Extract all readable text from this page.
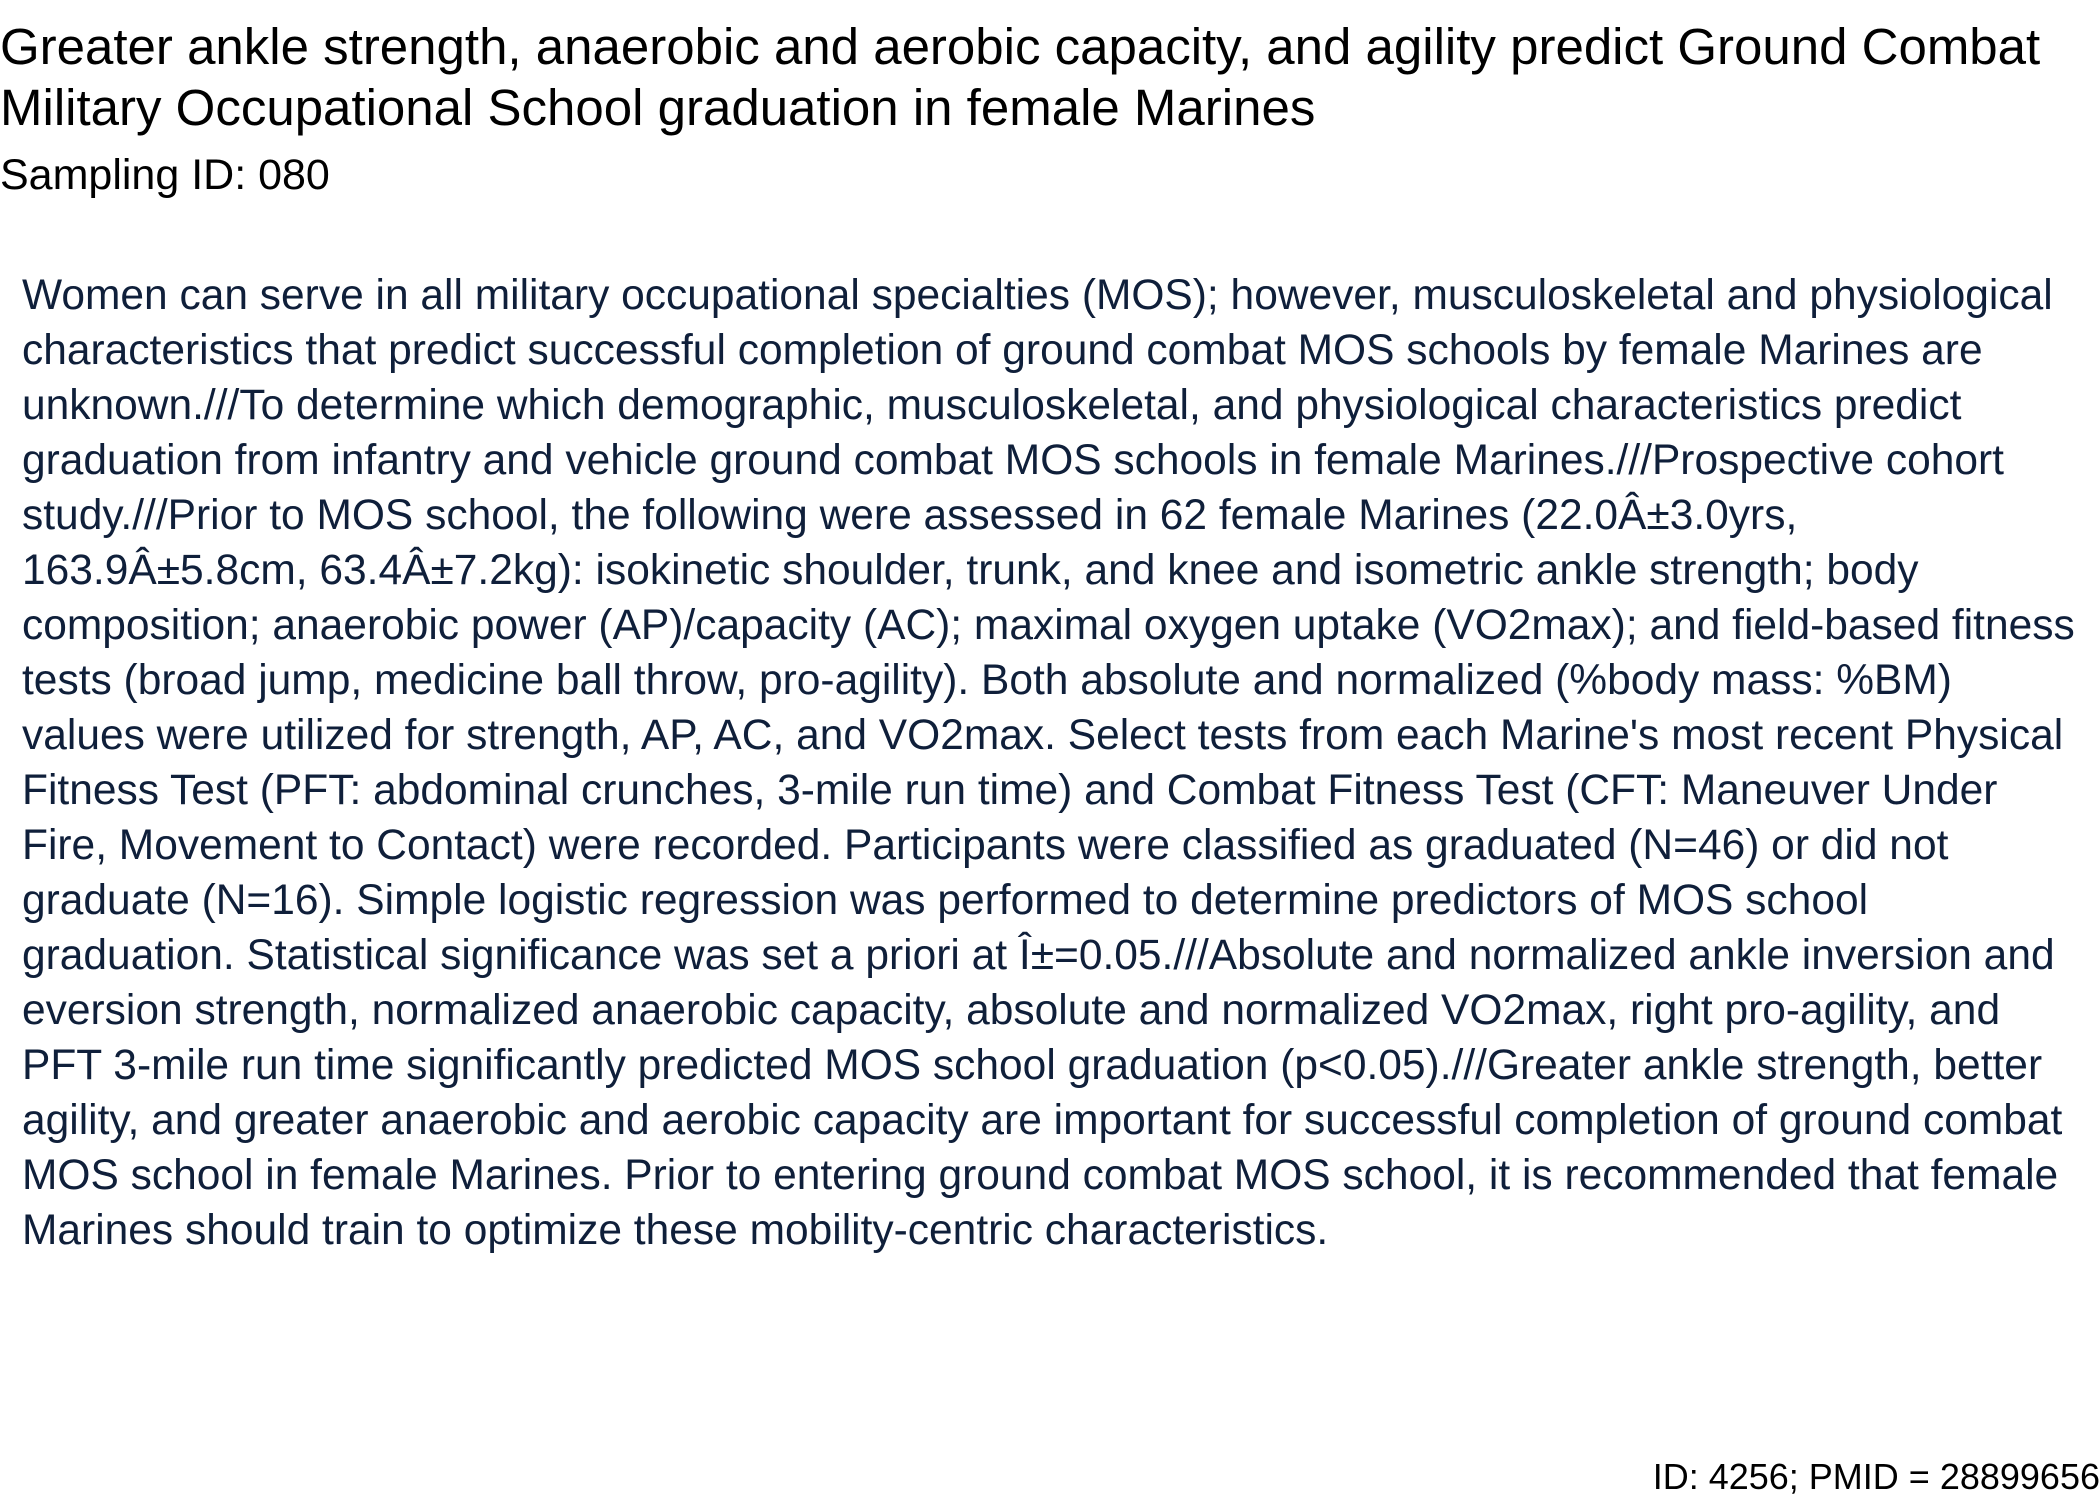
Greater ankle strength, anaerobic and aerobic capacity, and agility predict Ground Combat Military Occupational School graduation in female Marines
Sampling ID: 080

Women can serve in all military occupational specialties (MOS); however, musculoskeletal and physiological characteristics that predict successful completion of ground combat MOS schools by female Marines are unknown.///To determine which demographic, musculoskeletal, and physiological characteristics predict graduation from infantry and vehicle ground combat MOS schools in female Marines.///Prospective cohort study.///Prior to MOS school, the following were assessed in 62 female Marines (22.0Â±3.0yrs, 163.9Â±5.8cm, 63.4Â±7.2kg): isokinetic shoulder, trunk, and knee and isometric ankle strength; body composition; anaerobic power (AP)/capacity (AC); maximal oxygen uptake (VO2max); and field-based fitness tests (broad jump, medicine ball throw, pro-agility). Both absolute and normalized (%body mass: %BM) values were utilized for strength, AP, AC, and VO2max. Select tests from each Marine's most recent Physical Fitness Test (PFT: abdominal crunches, 3-mile run time) and Combat Fitness Test (CFT: Maneuver Under Fire, Movement to Contact) were recorded. Participants were classified as graduated (N=46) or did not graduate (N=16). Simple logistic regression was performed to determine predictors of MOS school graduation. Statistical significance was set a priori at Î±=0.05.///Absolute and normalized ankle inversion and eversion strength, normalized anaerobic capacity, absolute and normalized VO2max, right pro-agility, and PFT 3-mile run time significantly predicted MOS school graduation (p<0.05).///Greater ankle strength, better agility, and greater anaerobic and aerobic capacity are important for successful completion of ground combat MOS school in female Marines. Prior to entering ground combat MOS school, it is recommended that female Marines should train to optimize these mobility-centric characteristics.

ID: 4256; PMID = 28899656
